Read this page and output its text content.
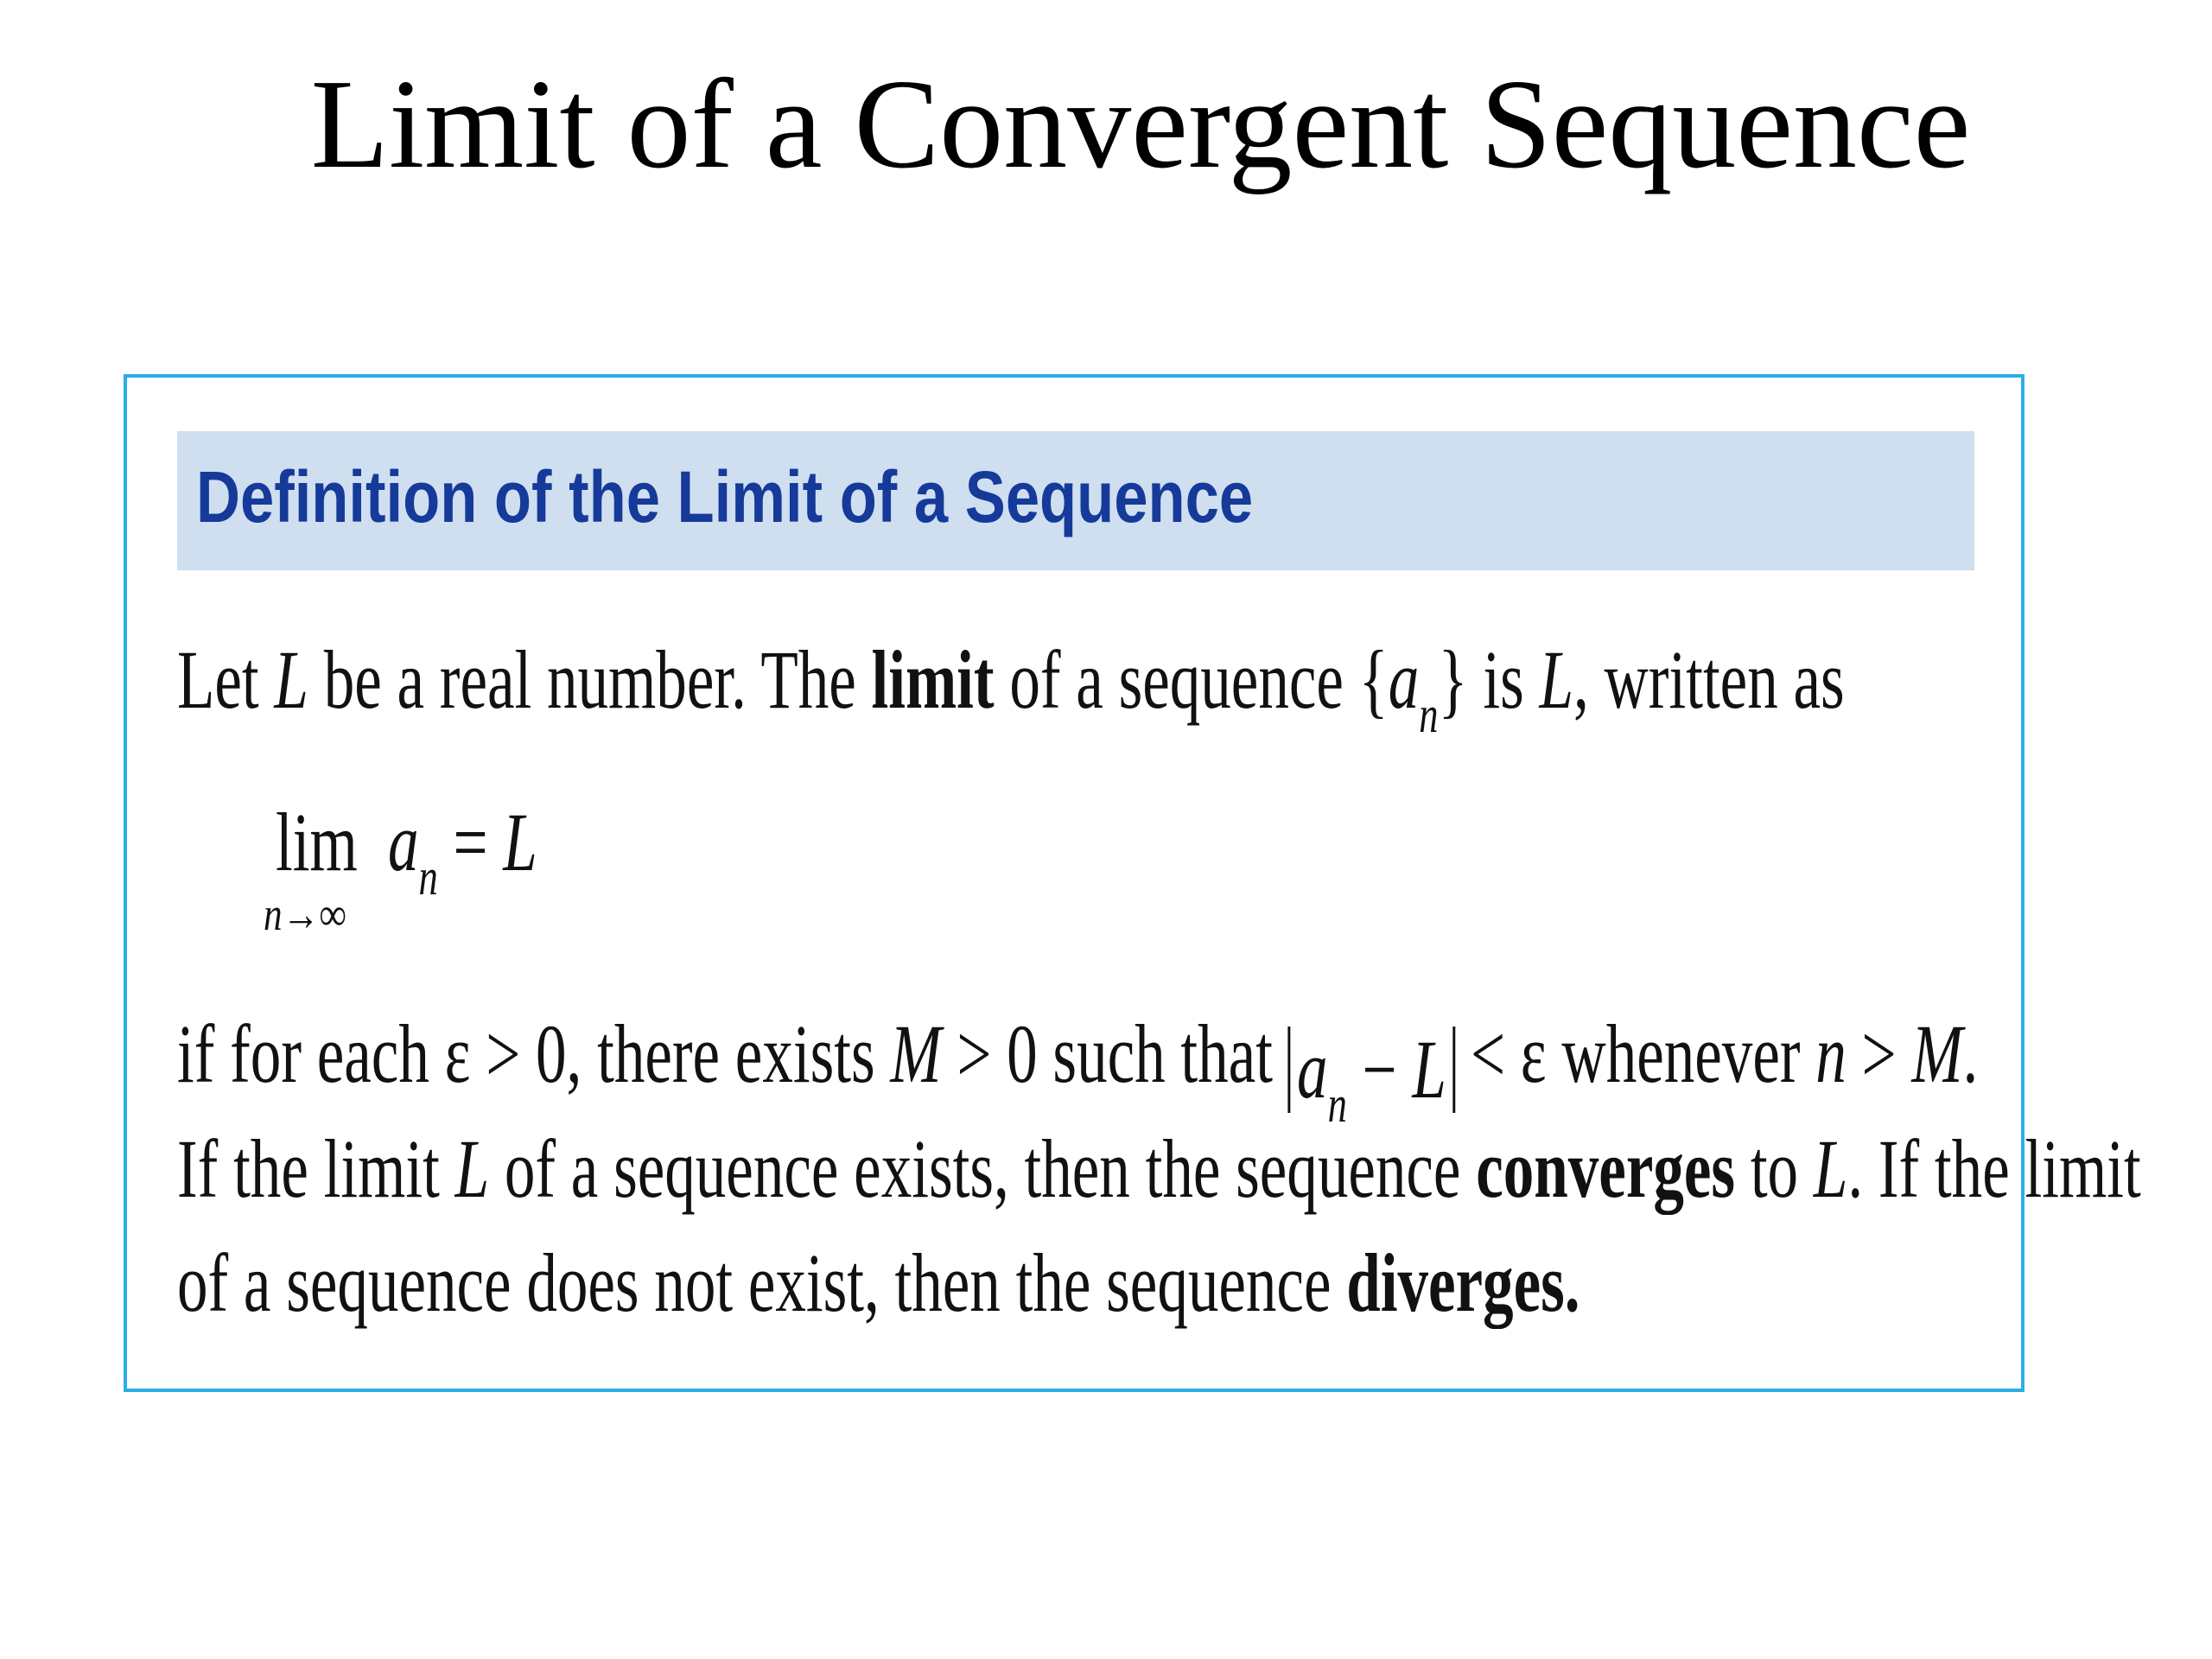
Limit of a Convergent Sequence
Definition of the Limit of a Sequence
Let L be a real number. The limit of a sequence $\{a_n\}$ is L, written as
lim
n→∞
$a_n = L$
if for each ε > 0, there exists M > 0 such that $a_n - L < \varepsilon$ whenever n > M.
If the limit L of a sequence exists, then the sequence converges to L. If the limit
of a sequence does not exist, then the sequence diverges.
